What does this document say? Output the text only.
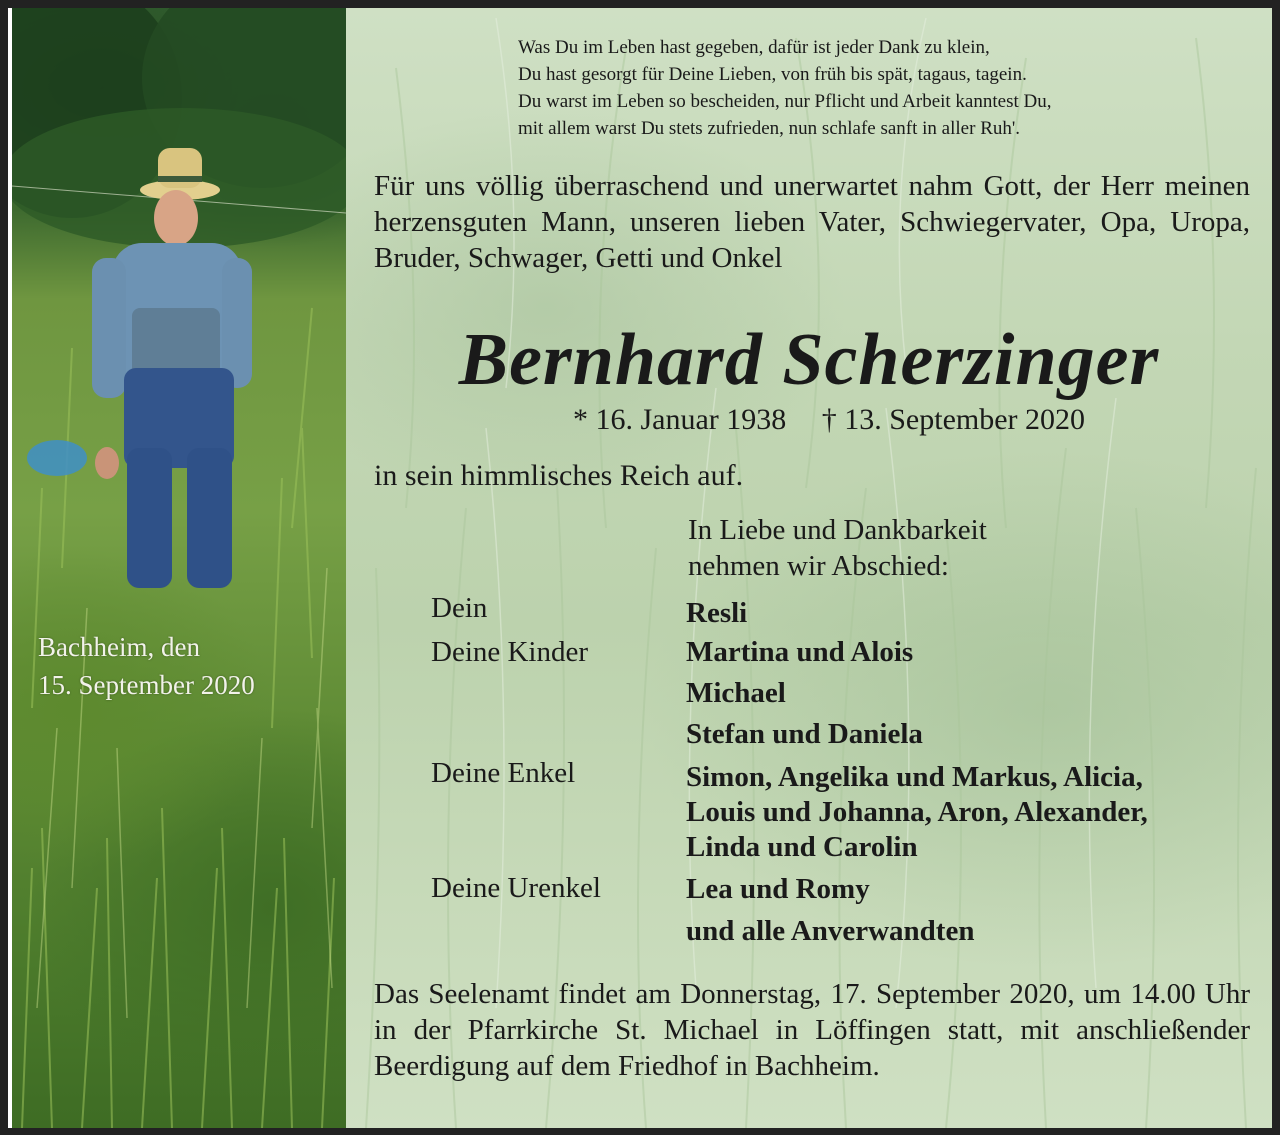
Bachheim, den
15. September 2020
Was Du im Leben hast gegeben, dafür ist jeder Dank zu klein,
Du hast gesorgt für Deine Lieben, von früh bis spät, tagaus, tagein.
Du warst im Leben so bescheiden, nur Pflicht und Arbeit kanntest Du,
mit allem warst Du stets zufrieden, nun schlafe sanft in aller Ruh'.
Für uns völlig überraschend und unerwartet nahm Gott, der Herr meinen herzensguten Mann, unseren lieben Vater, Schwiegervater, Opa, Uropa, Bruder, Schwager, Getti und Onkel
Bernhard Scherzinger
* 16. Januar 1938 † 13. September 2020
in sein himmlisches Reich auf.
In Liebe und Dankbarkeit
nehmen wir Abschied:
Dein	Resli
Deine Kinder	Martina und Alois
Michael
Stefan und Daniela
Deine Enkel	Simon, Angelika und Markus, Alicia,
Louis und Johanna, Aron, Alexander,
Linda und Carolin
Deine Urenkel	Lea und Romy
und alle Anverwandten
Das Seelenamt findet am Donnerstag, 17. September 2020, um 14.00 Uhr in der Pfarrkirche St. Michael in Löffingen statt, mit anschließender Beerdigung auf dem Friedhof in Bachheim.
